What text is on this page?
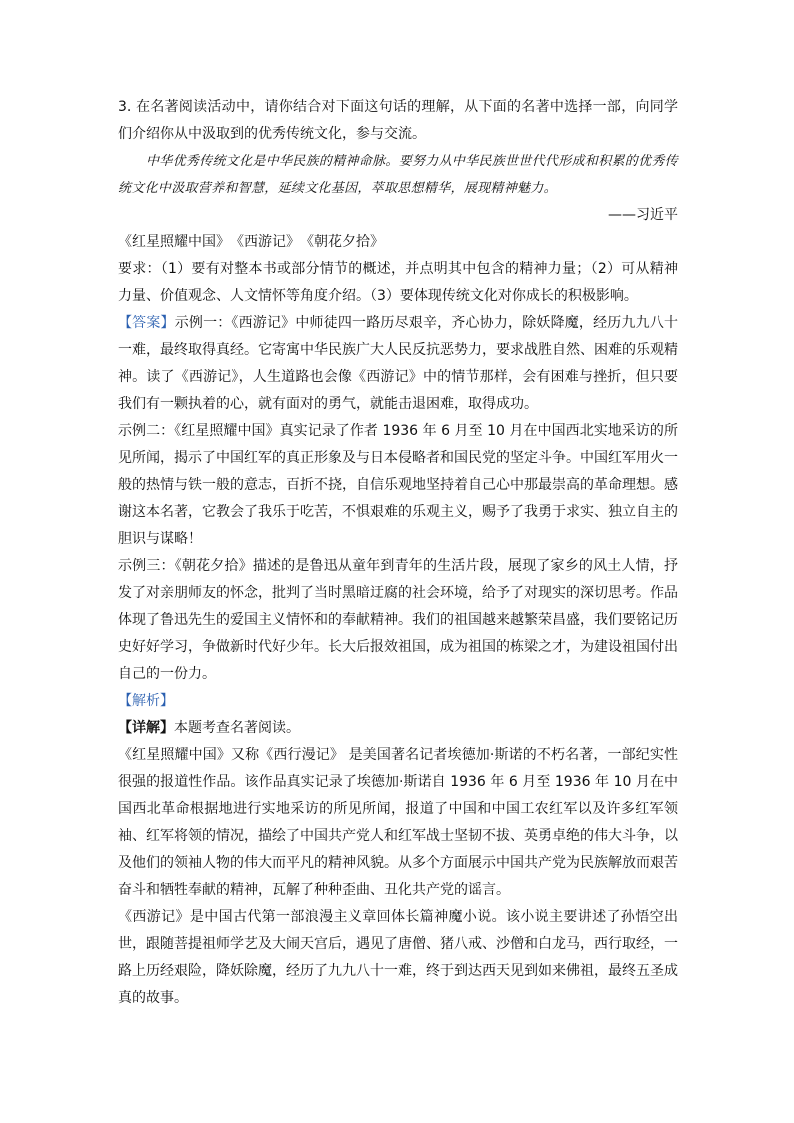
3. 在名著阅读活动中，请你结合对下面这句话的理解，从下面的名著中选择一部，向同学们介绍你从中汲取到的优秀传统文化，参与交流。

中华优秀传统文化是中华民族的精神命脉。要努力从中华民族世世代代形成和积累的优秀传统文化中汲取营养和智慧，延续文化基因，萃取思想精华，展现精神魅力。

——习近平

《红星照耀中国》　《西游记》　《朝花夕拾》

要求：（1）要有对整本书或部分情节的概述，并点明其中包含的精神力量；（2）可从精神力量、价值观念、人文情怀等角度介绍。（3）要体现传统文化对你成长的积极影响。

【答案】示例一：《西游记》中师徒四一路历尽艰辛，齐心协力，除妖降魔，经历九九八十一难，最终取得真经。它寄寓中华民族广大人民反抗恶势力，要求战胜自然、困难的乐观精神。读了《西游记》，人生道路也会像《西游记》中的情节那样，会有困难与挫折，但只要我们有一颗执着的心，就有面对的勇气，就能击退困难，取得成功。

示例二：《红星照耀中国》真实记录了作者 1936 年 6 月至 10 月在中国西北实地采访的所见所闻，揭示了中国红军的真正形象及与日本侵略者和国民党的坚定斗争。中国红军用火一般的热情与铁一般的意志，百折不挠，自信乐观地坚持着自己心中那最崇高的革命理想。感谢这本名著，它教会了我乐于吃苦，不惧艰难的乐观主义，赐予了我勇于求实、独立自主的胆识与谋略！

示例三：《朝花夕拾》描述的是鲁迅从童年到青年的生活片段，展现了家乡的风土人情，抒发了对亲朋师友的怀念，批判了当时黑暗迂腐的社会环境，给予了对现实的深切思考。作品体现了鲁迅先生的爱国主义情怀和的奉献精神。我们的祖国越来越繁荣昌盛，我们要铭记历史好好学习，争做新时代好少年。长大后报效祖国，成为祖国的栋梁之才，为建设祖国付出自己的一份力。

【解析】

【详解】本题考查名著阅读。

《红星照耀中国》又称《西行漫记》 是美国著名记者埃德加·斯诺的不朽名著，一部纪实性很强的报道性作品。该作品真实记录了埃德加·斯诺自 1936 年 6 月至 1936 年 10 月在中国西北革命根据地进行实地采访的所见所闻，报道了中国和中国工农红军以及许多红军领袖、红军将领的情况，描绘了中国共产党人和红军战士坚韧不拔、英勇卓绝的伟大斗争，以及他们的领袖人物的伟大而平凡的精神风貌。从多个方面展示中国共产党为民族解放而艰苦奋斗和牺牲奉献的精神，瓦解了种种歪曲、丑化共产党的谣言。

《西游记》是中国古代第一部浪漫主义章回体长篇神魔小说。该小说主要讲述了孙悟空出世，跟随菩提祖师学艺及大闹天宫后，遇见了唐僧、猪八戒、沙僧和白龙马，西行取经，一路上历经艰险，降妖除魔，经历了九九八十一难，终于到达西天见到如来佛祖，最终五圣成真的故事。
